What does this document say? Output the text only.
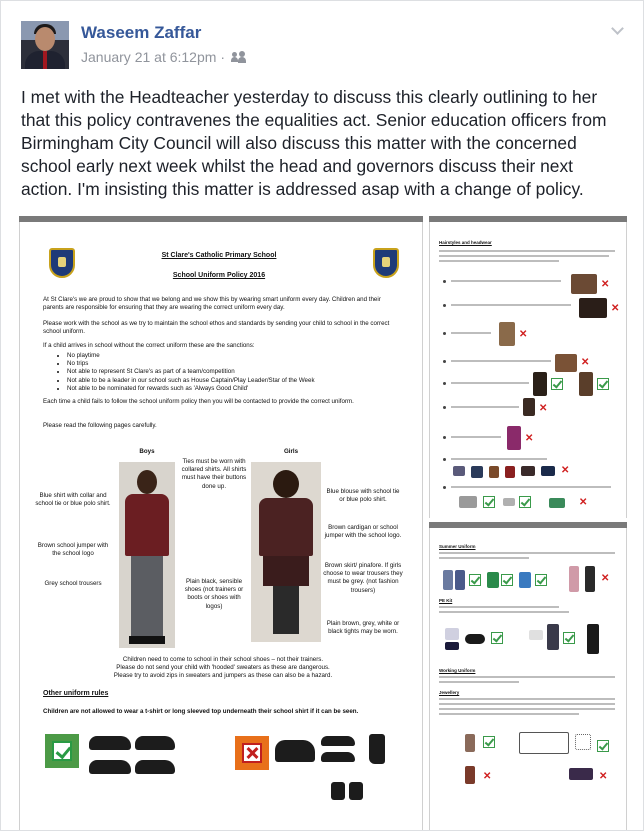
Waseem Zaffar
January 21 at 6:12pm ·
I met with the Headteacher yesterday to discuss this clearly outlining to her that this policy contravenes the equalities act. Senior education officers from Birmingham City Council will also discuss this matter with the concerned school early next week whilst the head and governors discuss their next action. I'm insisting this matter is addressed asap with a change of policy.
St Clare's Catholic Primary School
School Uniform Policy 2016
At St Clare's we are proud to show that we belong and we show this by wearing smart uniform every day. Children and their parents are responsible for ensuring that they are wearing the correct uniform every day.
Please work with the school as we try to maintain the school ethos and standards by sending your child to school in the correct school uniform.
If a child arrives in school without the correct uniform these are the sanctions:
• No playtime
• No trips
• Not able to represent St Clare's as part of a team/competition
• Not able to be a leader in our school such as House Captain/Play Leader/Star of the Week
• Not able to be nominated for rewards such as 'Always Good Child'
Each time a child fails to follow the school uniform policy then you will be contacted to provide the correct uniform.
Please read the following pages carefully.
Boys	Girls
Blue shirt with collar and school tie or blue polo shirt.
Brown school jumper with the school logo
Grey school trousers
Ties must be worn with collared shirts. All shirts must have their buttons done up.
Plain black, sensible shoes (not trainers or boots or shoes with logos)
Blue blouse with school tie or blue polo shirt.
Brown cardigan or school jumper with the school logo.
Brown skirt/ pinafore. If girls choose to wear trousers they must be grey. (not fashion trousers)
Plain brown, grey, white or black tights may be worn.
Children need to come to school in their school shoes – not their trainers.
Please do not send your child with 'hooded' sweaters as these are dangerous.
Please try to avoid zips in sweaters and jumpers as these can also be a hazard.
Other uniform rules
Children are not allowed to wear a t-shirt or long sleeved top underneath their school shirt if it can be seen.
Hairstyles and headwear
✕
✕
✕
✕
✕
✕
✕
✕
Summer Uniform
✕
PE Kit
Working Uniform
Jewellery
✕	✕
